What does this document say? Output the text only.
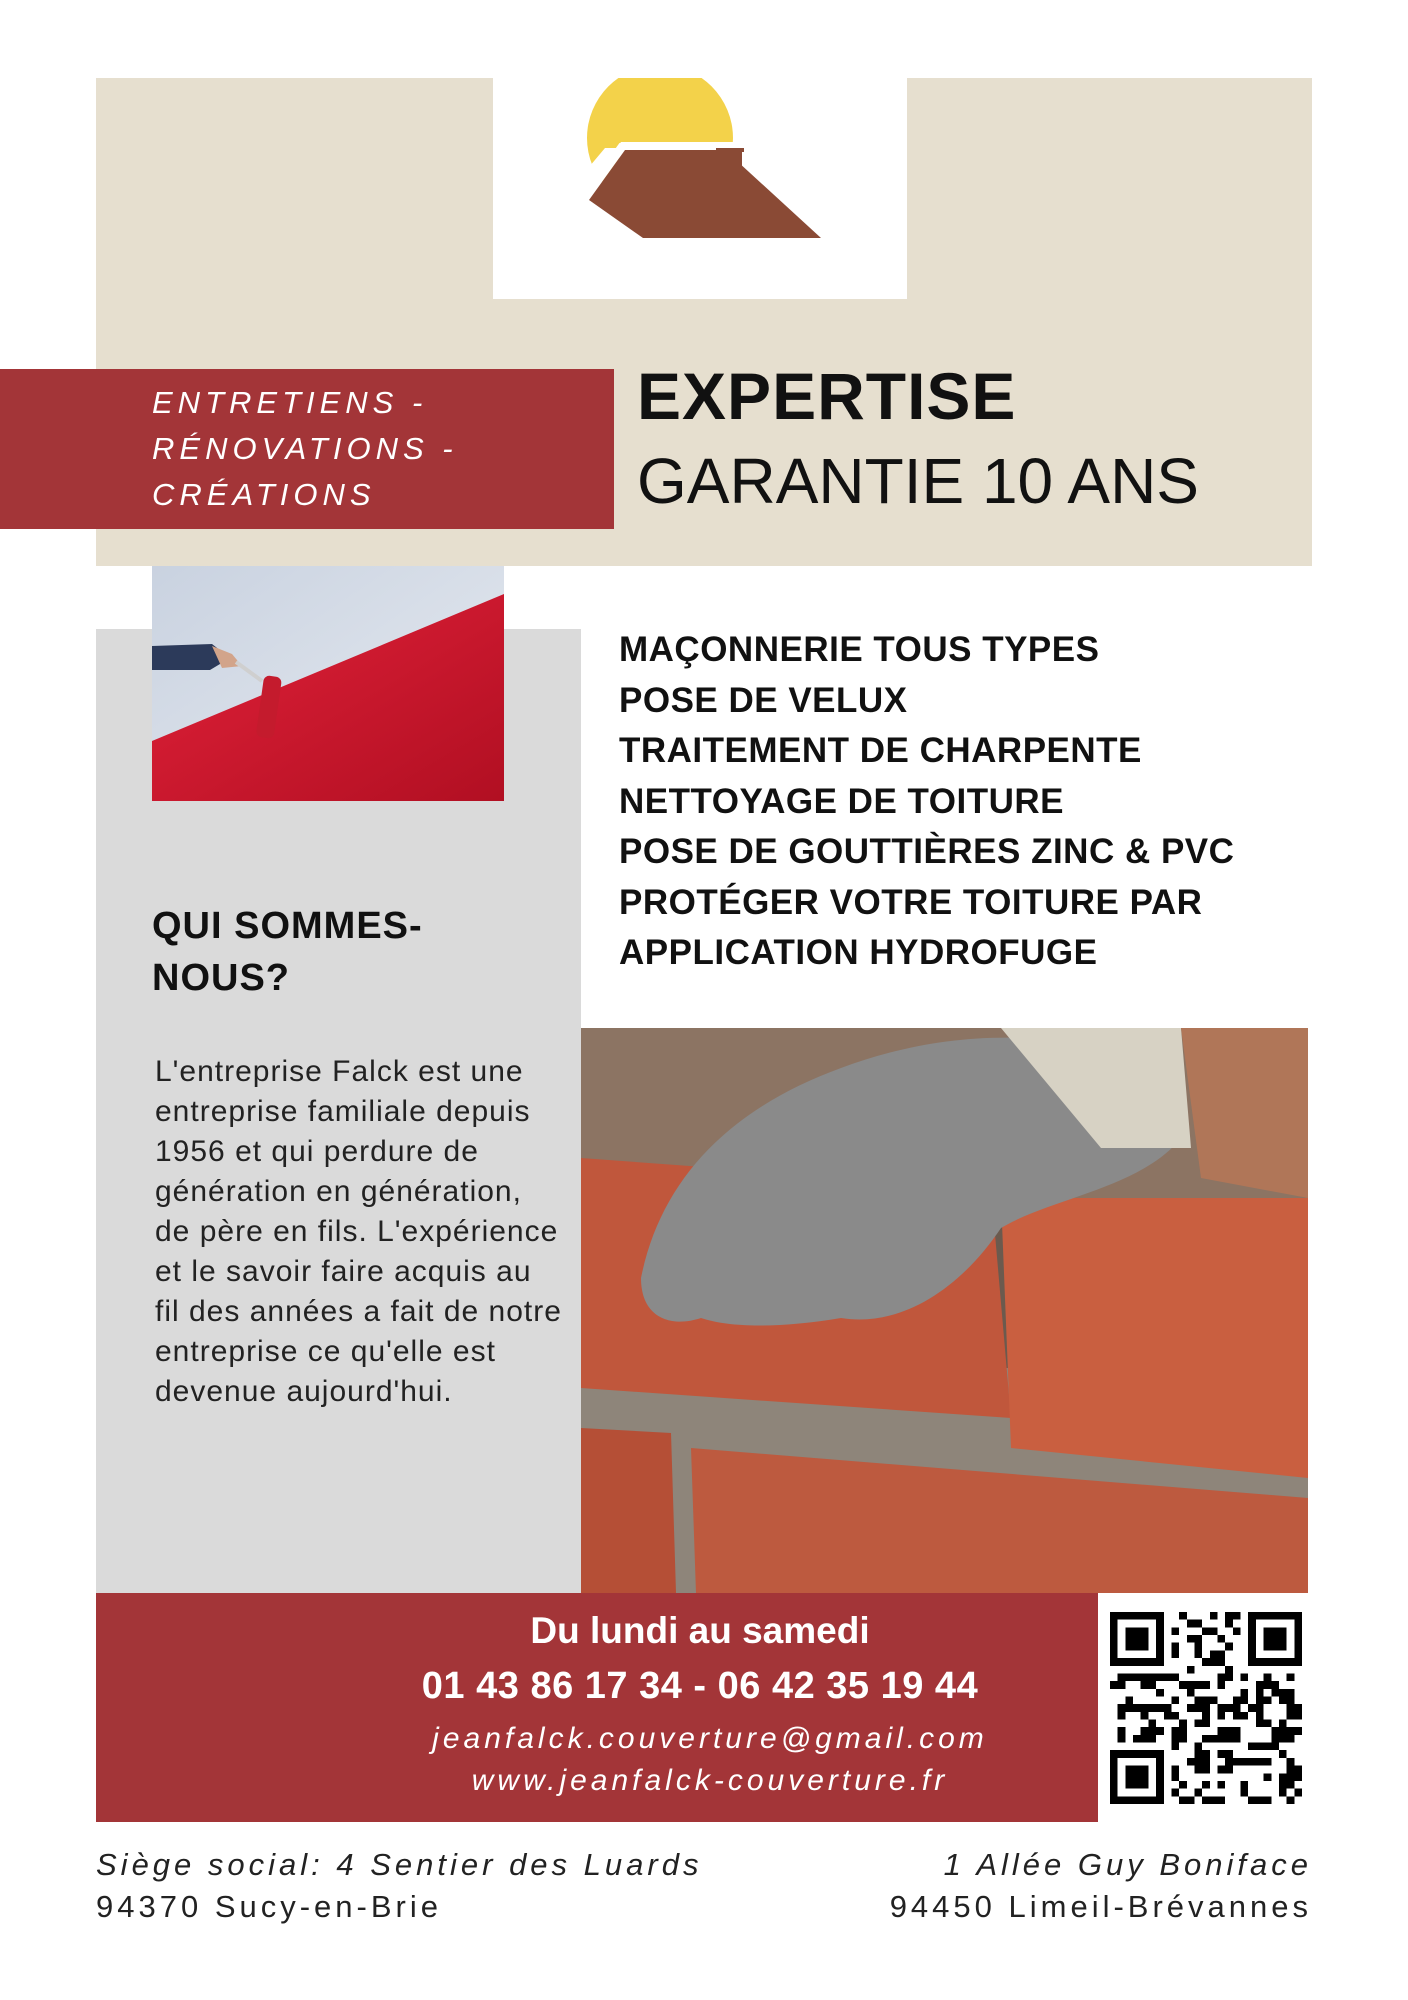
ENTRETIENS -
RÉNOVATIONS -
CRÉATIONS
EXPERTISE
GARANTIE 10 ANS
QUI SOMMES-NOUS?
L'entreprise Falck est une entreprise familiale depuis 1956 et qui perdure de génération en génération, de père en fils. L'expérience et le savoir faire acquis au fil des années a fait de notre entreprise ce qu'elle est devenue aujourd'hui.
MAÇONNERIE TOUS TYPES
POSE DE VELUX
TRAITEMENT DE CHARPENTE
NETTOYAGE DE TOITURE
POSE DE GOUTTIÈRES ZINC & PVC
PROTÉGER VOTRE TOITURE PAR
APPLICATION HYDROFUGE
Du lundi au samedi
01 43 86 17 34 - 06 42 35 19 44
jeanfalck.couverture@gmail.com
www.jeanfalck-couverture.fr
Siège social: 4 Sentier des Luards
94370 Sucy-en-Brie
1 Allée Guy Boniface
94450 Limeil-Brévannes
